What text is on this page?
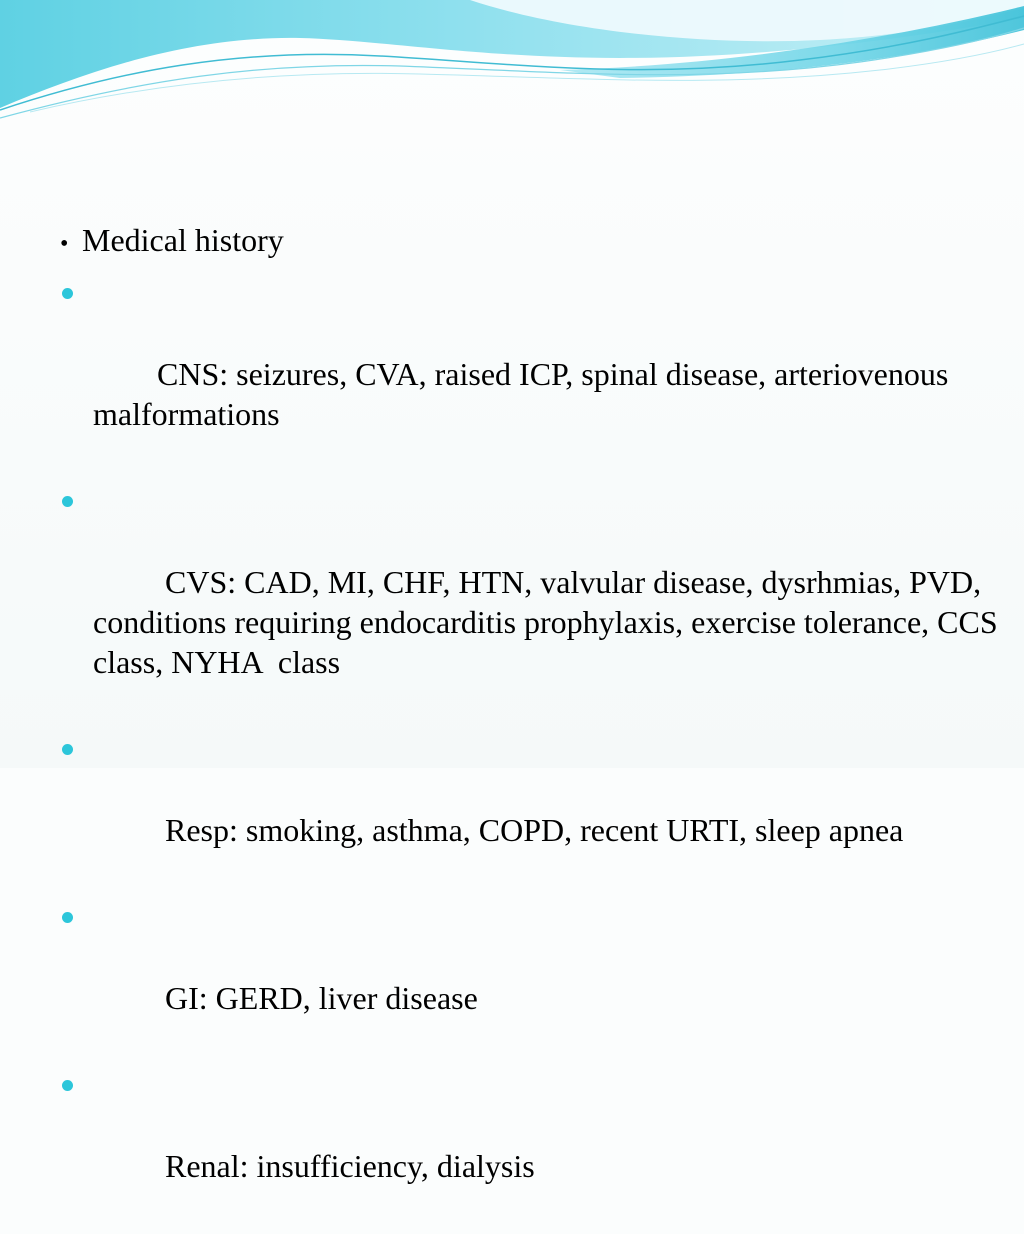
• Medical history

CNS: seizures, CVA, raised ICP, spinal disease, arteriovenous malformations

CVS: CAD, MI, CHF, HTN, valvular disease, dysrhmias, PVD, conditions requiring endocarditis prophylaxis, exercise tolerance, CCS class, NYHA  class

Resp: smoking, asthma, COPD, recent URTI, sleep apnea

GI: GERD, liver disease

Renal: insufficiency, dialysis
